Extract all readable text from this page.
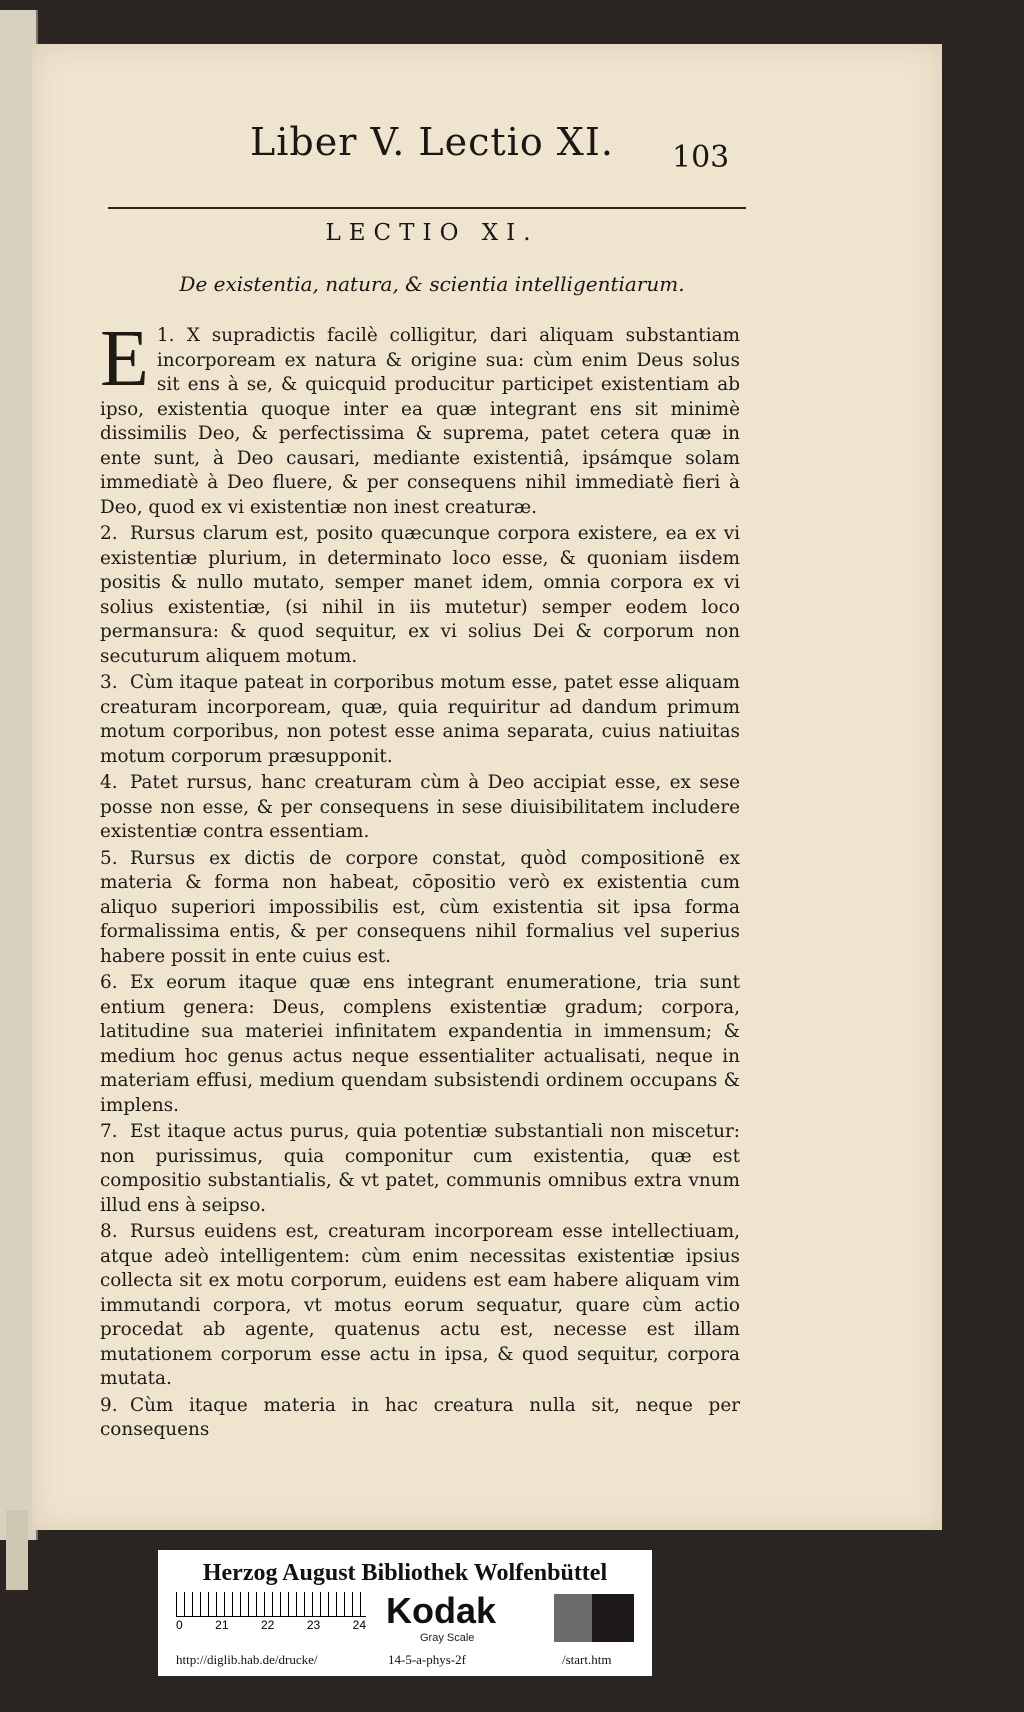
Liber V. Lectio XI. 103
LECTIO XI.
De existentia, natura, & scientia intelligentiarum.

1.
E X supradictis facilè colligitur, dari aliquam substantiam incorpoream ex natura & origine sua: cùm enim Deus solus sit ens à se, & quicquid producitur participet existentiam ab ipso, existentia quoque inter ea quæ integrant ens sit minimè dissimilis Deo, & perfectissima & suprema, patet cetera quæ in ente sunt, à Deo causari, mediante existentiâ, ipsámque solam immediatè à Deo fluere, & per consequens nihil immediatè fieri à Deo, quod ex vi existentiæ non inest creaturæ.

2. Rursus clarum est, posito quæcunque corpora existere, ea ex vi existentiæ plurium, in determinato loco esse, & quoniam iisdem positis & nullo mutato, semper manet idem, omnia corpora ex vi solius existentiæ, (si nihil in iis mutetur) semper eodem loco permansura: & quod sequitur, ex vi solius Dei & corporum non secuturum aliquem motum.

3. Cùm itaque pateat in corporibus motum esse, patet esse aliquam creaturam incorpoream, quæ, quia requiritur ad dandum primum motum corporibus, non potest esse anima separata, cuius natiuitas motum corporum præsupponit.

4. Patet rursus, hanc creaturam cùm à Deo accipiat esse, ex sese posse non esse, & per consequens in sese diuisibilitatem includere existentiæ contra essentiam.

5. Rursus ex dictis de corpore constat, quòd compositionē ex materia & forma non habeat, cōpositio verò ex existentia cum aliquo superiori impossibilis est, cùm existentia sit ipsa forma formalissima entis, & per consequens nihil formalius vel superius habere possit in ente cuius est.

6. Ex eorum itaque quæ ens integrant enumeratione, tria sunt entium genera: Deus, complens existentiæ gradum; corpora, latitudine sua materiei infinitatem expandentia in immensum; & medium hoc genus actus neque essentialiter actualisati, neque in materiam effusi, medium quendam subsistendi ordinem occupans & implens.

7. Est itaque actus purus, quia potentiæ substantiali non miscetur: non purissimus, quia componitur cum existentia, quæ est compositio substantialis, & vt patet, communis omnibus extra vnum illud ens à seipso.

8. Rursus euidens est, creaturam incorpoream esse intellectiuam, atque adeò intelligentem: cùm enim necessitas existentiæ ipsius collecta sit ex motu corporum, euidens est eam habere aliquam vim immutandi corpora, vt motus eorum sequatur, quare cùm actio procedat ab agente, quatenus actu est, necesse est illam mutationem corporum esse actu in ipsa, & quod sequitur, corpora mutata.

9. Cùm itaque materia in hac creatura nulla sit, neque per consequens

Herzog August Bibliothek Wolfenbüttel
0	21	22	23	24 Kodak
Gray Scale
http://diglib.hab.de/drucke/	14-5-a-phys-2f	/start.htm
